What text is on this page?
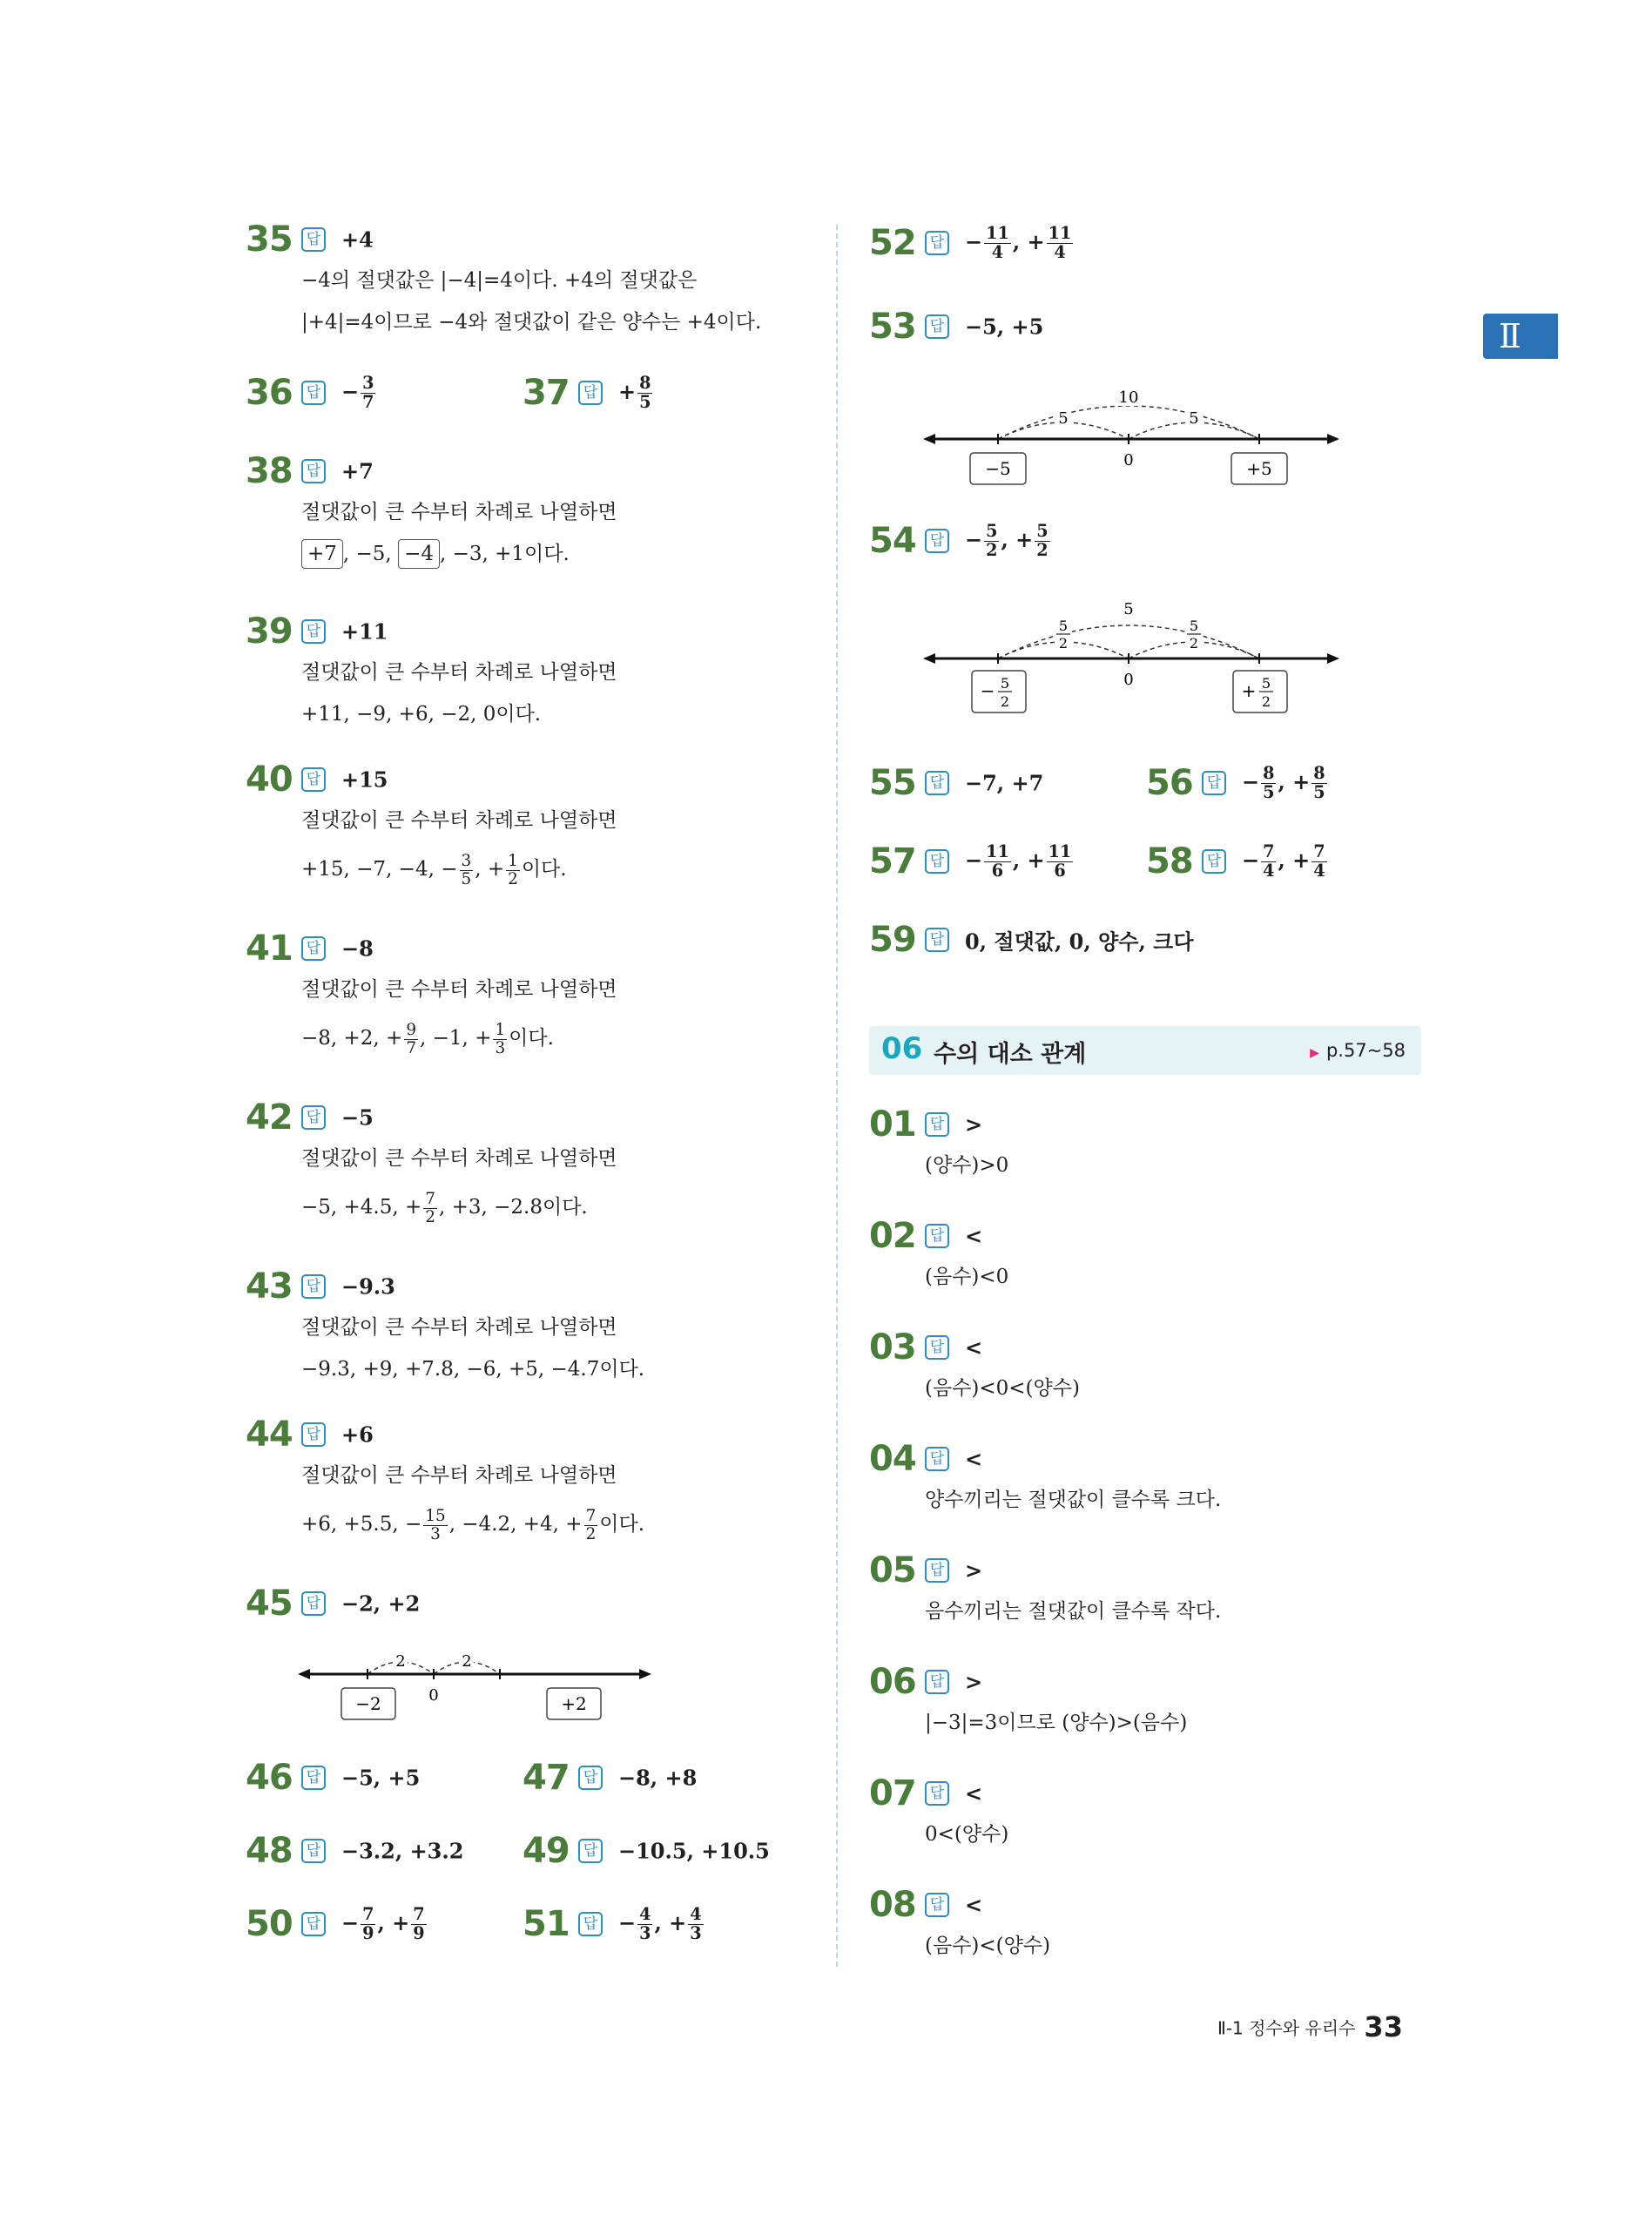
Ⅱ
35 답 +4
−4의 절댓값은 |−4|=4이다. +4의 절댓값은
|+4|=4이므로 −4와 절댓값이 같은 양수는 +4이다.
36 답 − $\frac{3}{7}$	37 답 + $\frac{8}{5}$
38 답 +7
절댓값이 큰 수부터 차례로 나열하면
+7 , −5, −4 , −3, +1이다.
39 답 +11
절댓값이 큰 수부터 차례로 나열하면
+11, −9, +6, −2, 0이다.
40 답 +15
절댓값이 큰 수부터 차례로 나열하면
+15, −7, −4, − $\frac{3}{5}$ , + $\frac{1}{2}$ 이다.
41 답 −8
절댓값이 큰 수부터 차례로 나열하면
−8, +2, + $\frac{9}{7}$ , −1, + $\frac{1}{3}$ 이다.
42 답 −5
절댓값이 큰 수부터 차례로 나열하면
−5, +4.5, + $\frac{7}{2}$ , +3, −2.8이다.
43 답 −9.3
절댓값이 큰 수부터 차례로 나열하면
−9.3, +9, +7.8, −6, +5, −4.7이다.
44 답 +6
절댓값이 큰 수부터 차례로 나열하면
+6, +5.5, − $\frac{15}{3}$ , −4.2, +4, + $\frac{7}{2}$ 이다.
45 답 −2, +2
2	2
0
−2	+2
46 답 −5, +5	47 답 −8, +8
48 답 −3.2, +3.2 49 답 −10.5, +10.5
50 답 − $\frac{7}{9}$ , + $\frac{7}{9}$	51 답 − $\frac{4}{3}$ , + $\frac{4}{3}$
52 답 − $\frac{11}{4}$ , + $\frac{11}{4}$
53 답 −5, +5
10
5	5
0
−5	+5
54 답 − $\frac{5}{2}$ , + $\frac{5}{2}$
5
5
2
5
2
0
− 5
2
+ 5
2
55 답 −7, +7	56 답 − $\frac{8}{5}$ , + $\frac{8}{5}$
57 답 − $\frac{11}{6}$ , + $\frac{11}{6} 58$ 답 − $\frac{7}{4}$ , + $\frac{7}{4}$
59 답 0, 절댓값, 0, 양수, 크다
06 수의 대소 관계	▶ p.57~58
01 답 >
(양수)>0
02 답 <
(음수)<0
03 답 <
(음수)<0<(양수)
04 답 <
양수끼리는 절댓값이 클수록 크다.
05 답 >
음수끼리는 절댓값이 클수록 작다.
06 답 >
|−3|=3이므로 (양수)>(음수)
07 답 <
0<(양수)
08 답 <
(음수)<(양수)
Ⅱ-1 정수와 유리수 33
